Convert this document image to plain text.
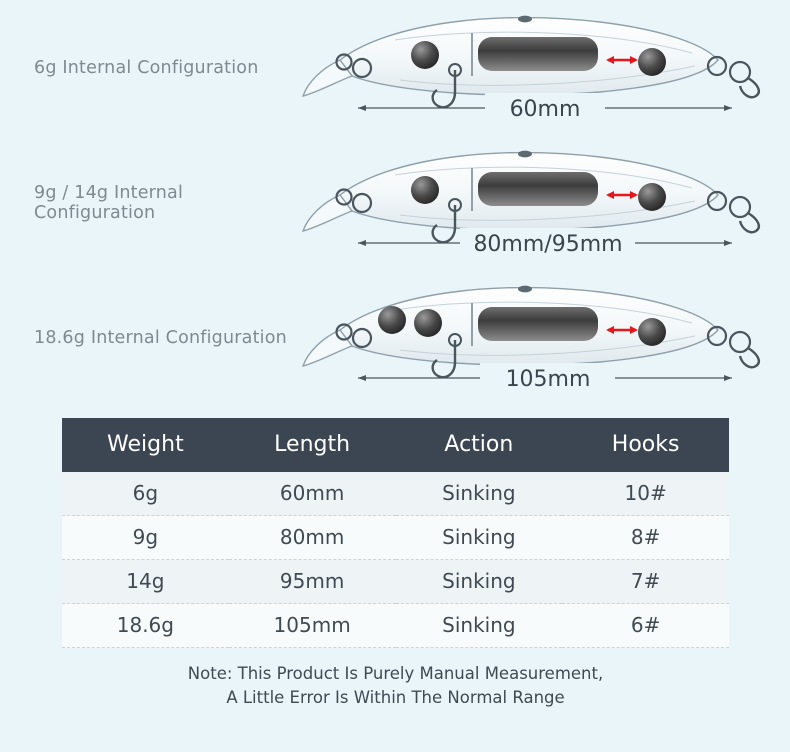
6g Internal Configuration
60mm
9g / 14g Internal Configuration
80mm/95mm
18.6g Internal Configuration
105mm
Weight	Length	Action	Hooks
6g	60mm	Sinking	10#
9g	80mm	Sinking	8#
14g	95mm	Sinking	7#
18.6g	105mm	Sinking	6#
Note: This Product Is Purely Manual Measurement,
A Little Error Is Within The Normal Range
